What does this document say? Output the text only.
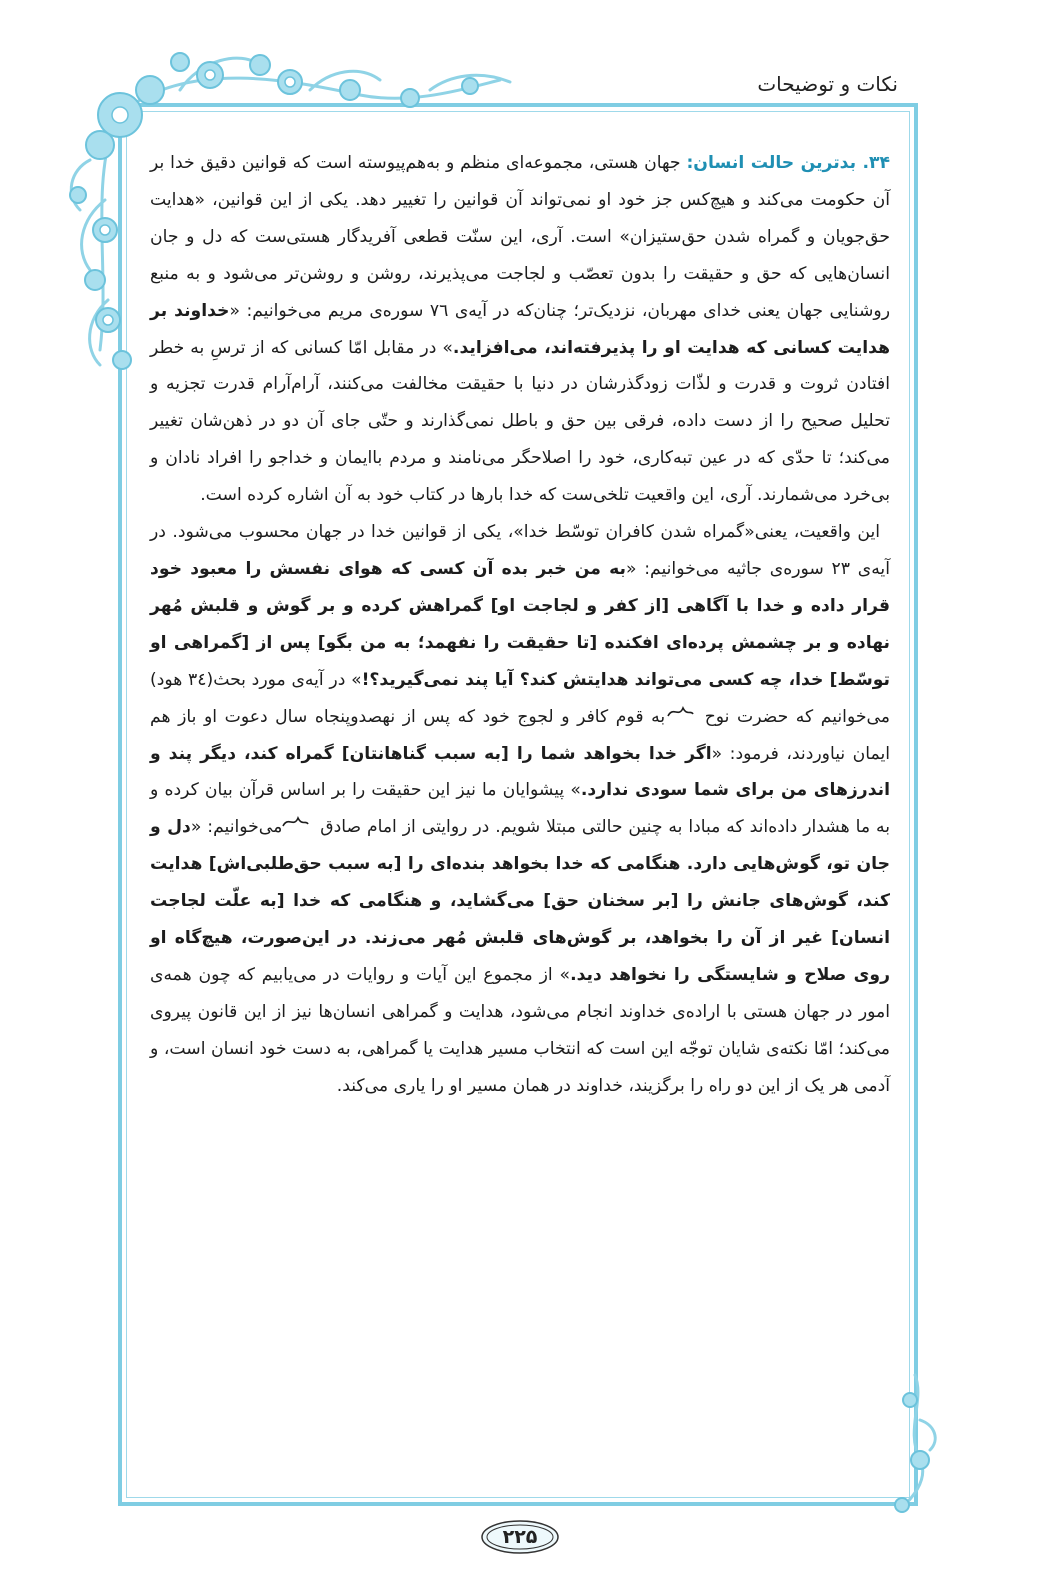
نکات و توضیحات

۳۴. بدترین حالت انسان: جهان هستی، مجموعه‌ای منظم و به‌هم‌پیوسته است که قوانین دقیق خدا بر آن حکومت می‌کند و هیچ‌کس جز خود او نمی‌تواند آن قوانین را تغییر دهد. یکی از این قوانین، «هدایت حق‌جویان و گمراه شدن حق‌ستیزان» است. آری، این سنّت قطعی آفریدگار هستی‌ست که دل و جان انسان‌هایی که حق و حقیقت را بدون تعصّب و لجاجت می‌پذیرند، روشن و روشن‌تر می‌شود و به منبع روشنایی جهان یعنی خدای مهربان، نزدیک‌تر؛ چنان‌که در آیه‌ی ٧٦ سوره‌ی مریم می‌خوانیم: «خداوند بر هدایت کسانی که هدایت او را پذیرفته‌اند، می‌افزاید.» در مقابل امّا کسانی که از ترسِ به خطر افتادن ثروت و قدرت و لذّات زودگذرشان در دنیا با حقیقت مخالفت می‌کنند، آرام‌آرام قدرت تجزیه و تحلیل صحیح را از دست داده، فرقی بین حق و باطل نمی‌گذارند و حتّی جای آن دو در ذهن‌شان تغییر می‌کند؛ تا حدّی که در عین تبه‌کاری، خود را اصلاحگر می‌نامند و مردم باایمان و خداجو را افراد نادان و بی‌خرد می‌شمارند. آری، این واقعیت تلخی‌ست که خدا بارها در کتاب خود به آن اشاره کرده است.

این واقعیت، یعنی«گمراه شدن کافران توسّط خدا»، یکی از قوانین خدا در جهان محسوب می‌شود. در آیه‌ی ۲۳ سوره‌ی جاثیه می‌خوانیم: «به من خبر بده آن کسی که هوای نفسش را معبود خود قرار داده و خدا با آگاهی [از کفر و لجاجت او] گمراهش کرده و بر گوش و قلبش مُهر نهاده و بر چشمش پرده‌ای افکنده [تا حقیقت را نفهمد؛ به من بگو] پس از [گمراهی او توسّط] خدا، چه کسی می‌تواند هدایتش کند؟ آیا پند نمی‌گیرید؟!» در آیه‌ی مورد بحث(۳٤ هود) می‌خوانیم که حضرت نوح به قوم کافر و لجوج خود که پس از نهصدوپنجاه سال دعوت او باز هم ایمان نیاوردند، فرمود: «اگر خدا بخواهد شما را [به سبب گناهانتان] گمراه کند، دیگر پند و اندرزهای من برای شما سودی ندارد.» پیشوایان ما نیز این حقیقت را بر اساس قرآن بیان کرده و به ما هشدار داده‌اند که مبادا به چنین حالتی مبتلا شویم. در روایتی از امام صادق می‌خوانیم: «دل و جان تو، گوش‌هایی دارد. هنگامی که خدا بخواهد بنده‌ای را [به سبب حق‌طلبی‌اش] هدایت کند، گوش‌های جانش را [بر سخنان حق] می‌گشاید، و هنگامی که خدا [به علّت لجاجت انسان] غیر از آن را بخواهد، بر گوش‌های قلبش مُهر می‌زند. در این‌صورت، هیچ‌گاه او روی صلاح و شایستگی را نخواهد دید.» از مجموع این آیات و روایات در می‌یابیم که چون همه‌ی امور در جهان هستی با اراده‌ی خداوند انجام می‌شود، هدایت و گمراهی انسان‌ها نیز از این قانون پیروی می‌کند؛ امّا نکته‌ی شایان توجّه این است که انتخاب مسیر هدایت یا گمراهی، به دست خود انسان است، و آدمی هر یک از این دو راه را برگزیند، خداوند در همان مسیر او را یاری می‌کند.

۲۲۵
